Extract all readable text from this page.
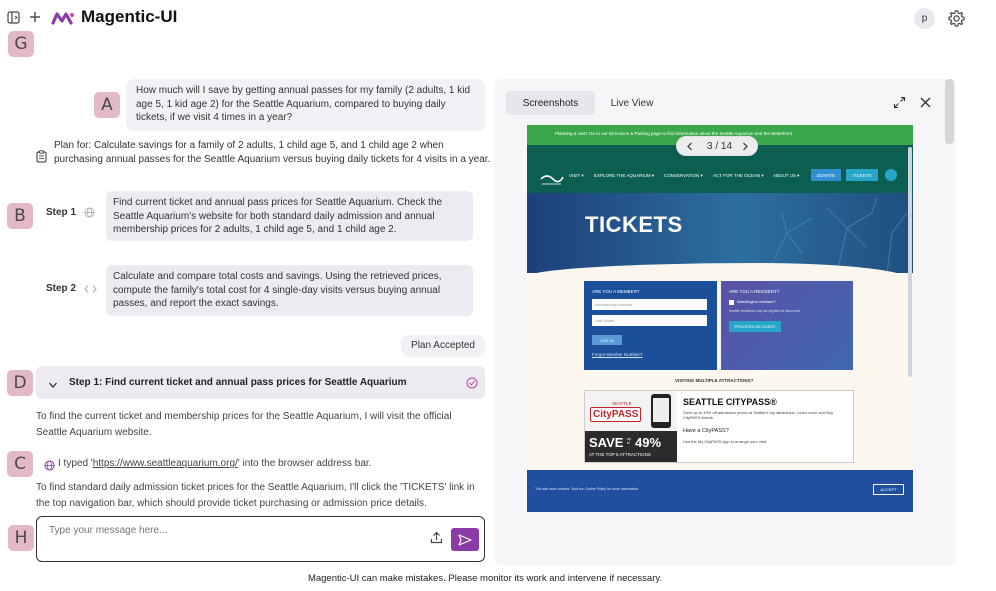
Magentic-UI	p
G
A
B
D
C
H
How much will I save by getting annual passes for my family (2 adults, 1 kid age 5, 1 kid age 2) for the Seattle Aquarium, compared to buying daily tickets, if we visit 4 times in a year?
Plan for: Calculate savings for a family of 2 adults, 1 child age 5, and 1 child age 2 when purchasing annual passes for the Seattle Aquarium versus buying daily tickets for 4 visits in a year.
Step 1
Find current ticket and annual pass prices for Seattle Aquarium. Check the Seattle Aquarium's website for both standard daily admission and annual membership prices for 2 adults, 1 child age 5, and 1 child age 2.
Step 2
Calculate and compare total costs and savings. Using the retrieved prices, compute the family's total cost for 4 single-day visits versus buying annual passes, and report the exact savings.
Plan Accepted
Step 1: Find current ticket and annual pass prices for Seattle Aquarium
To find the current ticket and membership prices for the Seattle Aquarium, I will visit the official Seattle Aquarium website.
I typed 'https://www.seattleaquarium.org/' into the browser address bar.
To find standard daily admission ticket prices for the Seattle Aquarium, I'll click the 'TICKETS' link in the top navigation bar, which should provide ticket purchasing or admission price details.
Type your message here...
Screenshots	Live View
Planning a visit? Go to our Directions & Parking page to find information about the Seattle Aquarium and the Waterfront.
VISIT ▾ EXPLORE THE AQUARIUM ▾ CONSERVATION ▾ ACT FOR THE OCEAN ▾ ABOUT US ▾	DONATE	TICKETS
TICKETS
ARE YOU A MEMBER?
Membership Number
Last Name
LOG IN
Forgot Member Number?
ARE YOU A RESIDENT?
Washington resident?
Seattle residents may be eligible for discounts
PROCEED AS GUEST
VISITING MULTIPLE ATTRACTIONS?
SEATTLE
CityPASS
SAVE up to 49%
AT THE TOP 5 ATTRACTIONS
SEATTLE CITYPASS®
Save up to 49% off admission prices at Seattle's top attractions. Learn more and Buy CityPASS tickets.
Have a CityPASS?
Use the My CityPASS App to arrange your visit.
This site uses cookies. Visit our Cookie Policy for more information.	ACCEPT
3 / 14
Magentic-UI can make mistakes. Please monitor its work and intervene if necessary.
